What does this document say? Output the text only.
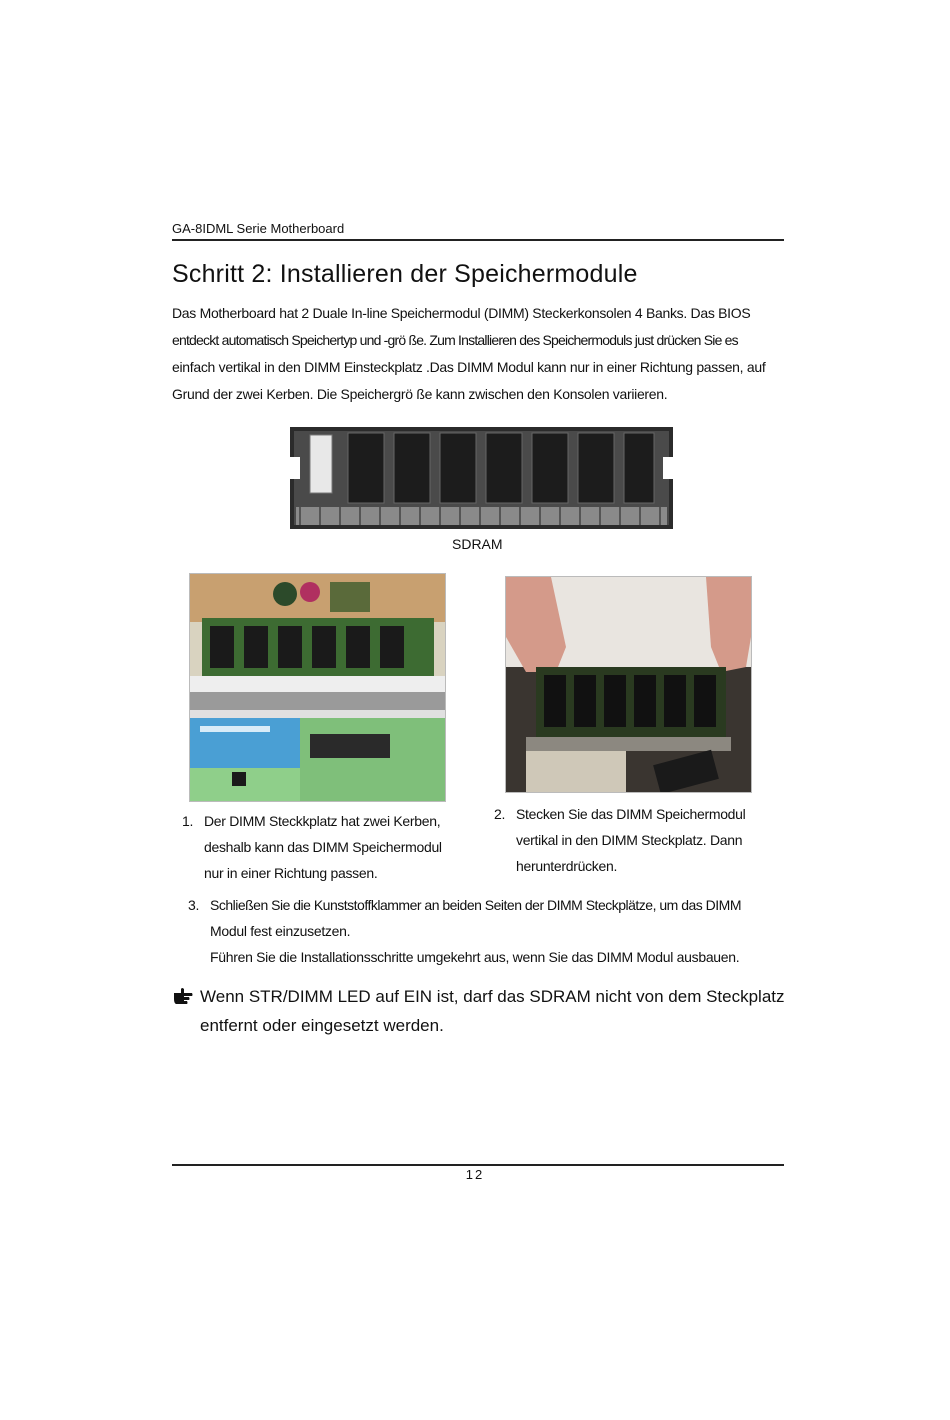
GA-8IDML Serie Motherboard
Schritt 2: Installieren der Speichermodule

Das Motherboard hat 2 Duale In-line Speichermodul (DIMM) Steckerkonsolen 4 Banks. Das BIOS

entdeckt automatisch Speichertyp und -grö ße. Zum Installieren des Speichermoduls just drücken Sie es

einfach vertikal in den DIMM Einsteckplatz .Das DIMM Modul kann nur in einer Richtung passen, auf

Grund der zwei Kerben. Die Speichergrö ße kann zwischen den Konsolen variieren.

SDRAM
1. Der DIMM Steckkplatz hat zwei Kerben,
deshalb kann das DIMM Speichermodul
nur in einer Richtung passen.
2. Stecken Sie das DIMM Speichermodul
vertikal in den DIMM Steckplatz. Dann
herunterdrücken.
3. Schließen Sie die Kunststoffklammer an beiden Seiten der DIMM Steckplätze, um das DIMM
Modul fest einzusetzen.
Führen Sie die Installationsschritte umgekehrt aus, wenn Sie das DIMM Modul ausbauen.
Wenn STR/DIMM LED auf EIN ist, darf das SDRAM nicht von dem Steckplatz
entfernt oder eingesetzt werden.
12
